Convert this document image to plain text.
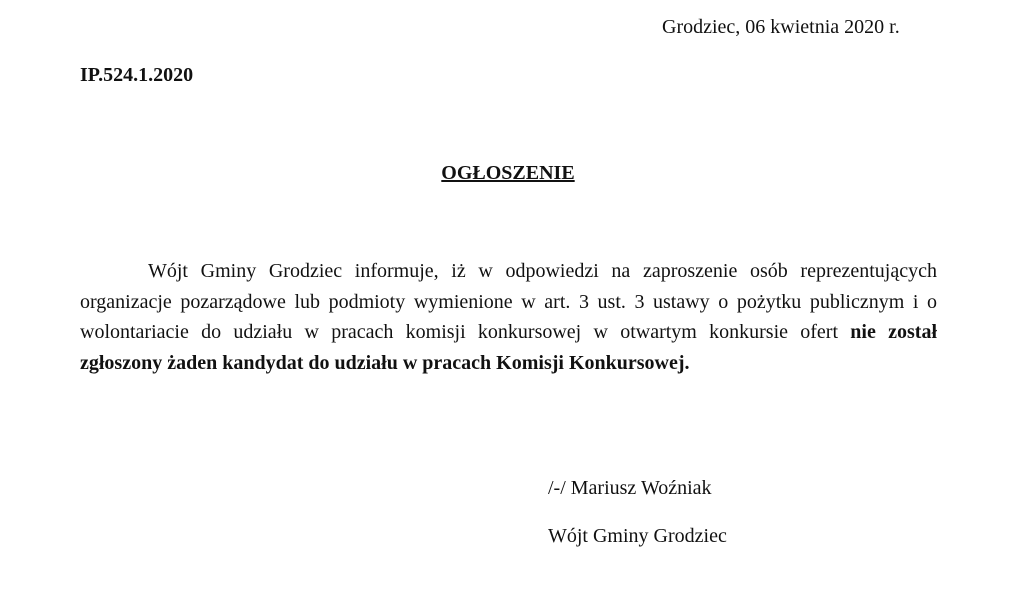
Grodziec, 06 kwietnia 2020 r.
IP.524.1.2020
OGŁOSZENIE

Wójt Gminy Grodziec informuje, iż w odpowiedzi na zaproszenie osób reprezentujących organizacje pozarządowe lub podmioty wymienione w art. 3 ust. 3 ustawy o pożytku publicznym i o wolontariacie do udziału w pracach komisji konkursowej w otwartym konkursie ofert nie został zgłoszony żaden kandydat do udziału w pracach Komisji Konkursowej.

/-/ Mariusz Woźniak
Wójt Gminy Grodziec
